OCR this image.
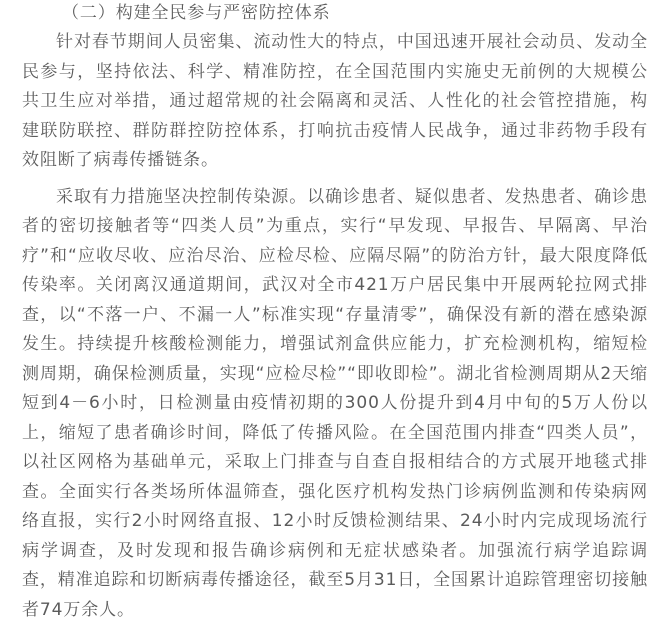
（二）构建全民参与严密防控体系

针对春节期间人员密集、流动性大的特点，中国迅速开展社会动员、发动全民参与，坚持依法、科学、精准防控，在全国范围内实施史无前例的大规模公共卫生应对举措，通过超常规的社会隔离和灵活、人性化的社会管控措施，构建联防联控、群防群控防控体系，打响抗击疫情人民战争，通过非药物手段有效阻断了病毒传播链条。

采取有力措施坚决控制传染源。以确诊患者、疑似患者、发热患者、确诊患者的密切接触者等“四类人员”为重点，实行“早发现、早报告、早隔离、早治疗”和“应收尽收、应治尽治、应检尽检、应隔尽隔”的防治方针，最大限度降低传染率。关闭离汉通道期间，武汉对全市421万户居民集中开展两轮拉网式排查，以“不落一户、不漏一人”标准实现“存量清零”，确保没有新的潜在感染源发生。持续提升核酸检测能力，增强试剂盒供应能力，扩充检测机构，缩短检测周期，确保检测质量，实现“应检尽检”“即收即检”。湖北省检测周期从2天缩短到4－6小时，日检测量由疫情初期的300人份提升到4月中旬的5万人份以上，缩短了患者确诊时间，降低了传播风险。在全国范围内排查“四类人员”，以社区网格为基础单元，采取上门排查与自查自报相结合的方式展开地毯式排查。全面实行各类场所体温筛查，强化医疗机构发热门诊病例监测和传染病网络直报，实行2小时网络直报、12小时反馈检测结果、24小时内完成现场流行病学调查，及时发现和报告确诊病例和无症状感染者。加强流行病学追踪调查，精准追踪和切断病毒传播途径，截至5月31日，全国累计追踪管理密切接触者74万余人。
